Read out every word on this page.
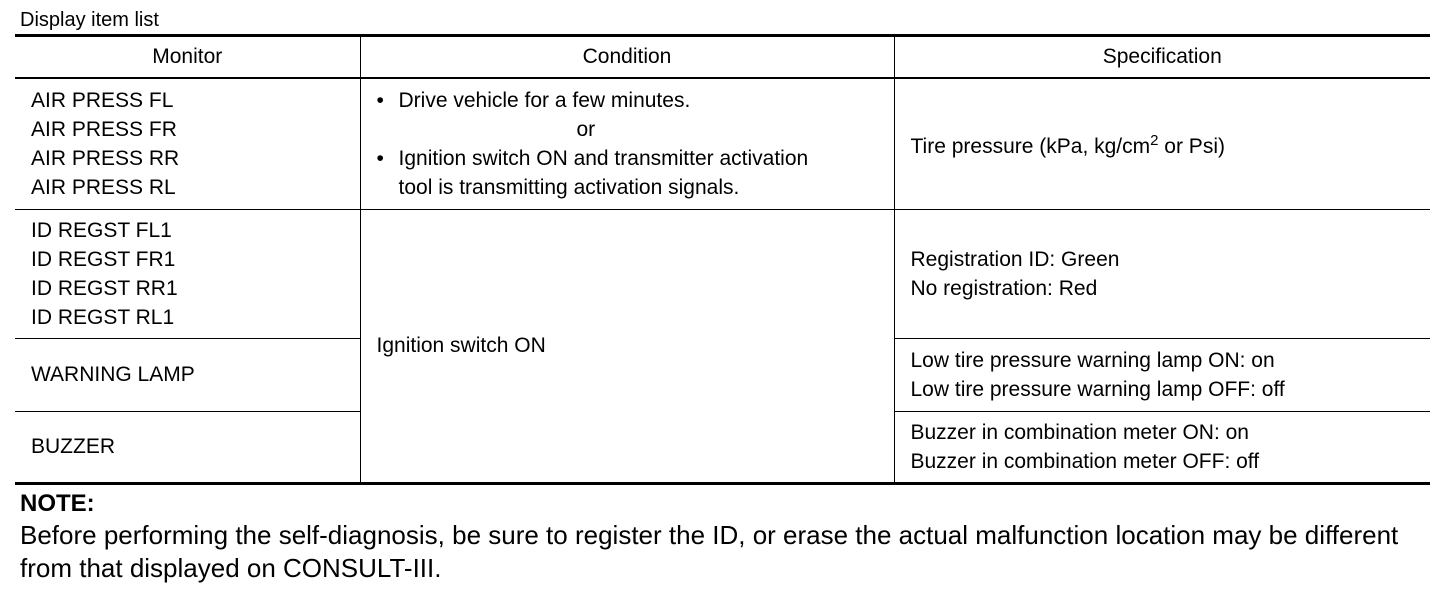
Display item list
Monitor	Condition	Specification

AIR PRESS FL
AIR PRESS FR
AIR PRESS RR
AIR PRESS RL	• Drive vehicle for a few minutes.
or
• Ignition switch ON and transmitter activation
tool is transmitting activation signals.	Tire pressure (kPa, $kg/cm^2$ or Psi)

ID REGST FL1
ID REGST FR1
ID REGST RR1
ID REGST RL1	Ignition switch ON	Registration ID: Green
No registration: Red

WARNING LAMP		Low tire pressure warning lamp ON: on
Low tire pressure warning lamp OFF: off

BUZZER		Buzzer in combination meter ON: on
Buzzer in combination meter OFF: off
NOTE:
Before performing the self-diagnosis, be sure to register the ID, or erase the actual malfunction location may be different from that displayed on CONSULT-III.
